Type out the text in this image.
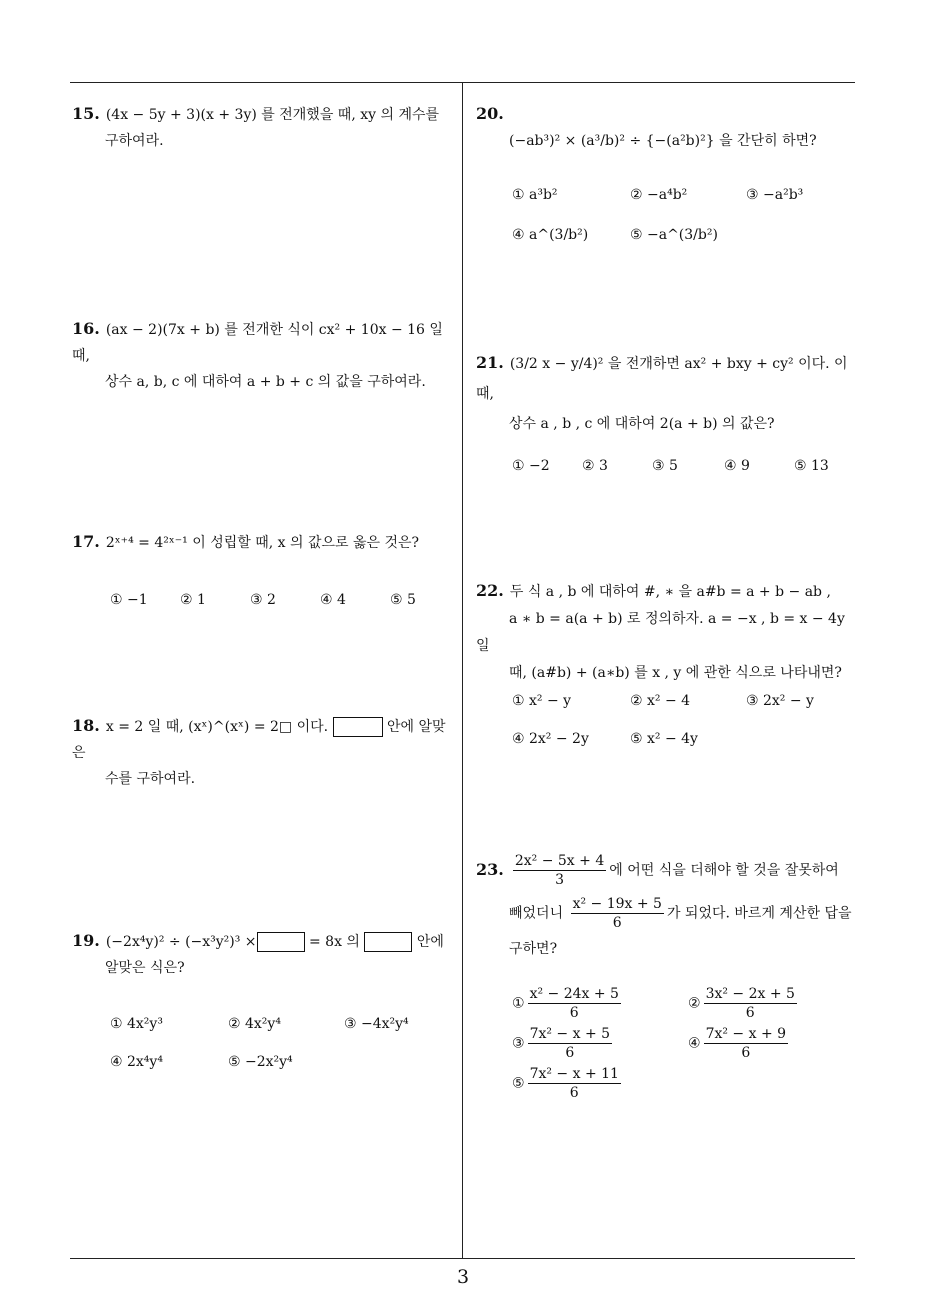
3
15. (4x − 5y + 3)(x + 3y) 를 전개했을 때, xy 의 계수를
구하여라.
16. (ax − 2)(7x + b) 를 전개한 식이 cx² + 10x − 16 일 때,
상수 a, b, c 에 대하여 a + b + c 의 값을 구하여라.
17. 2ˣ⁺⁴ = 4²ˣ⁻¹ 이 성립할 때, x 의 값으로 옳은 것은?
① −1 ② 1	③ 2	④ 4	⑤ 5
18. x = 2 일 때, (xˣ)^(xˣ) = 2□ 이다.	안에 알맞은
수를 구하여라.
19. (−2x⁴y)² ÷ (−x³y²)³ ×	= 8x 의	안에
알맞은 식은?
① 4x²y³	② 4x²y⁴	③ −4x²y⁴
④ 2x⁴y⁴	⑤ −2x²y⁴
20.
(−ab³)² × (a³/b)² ÷ {−(a²b)²} 을 간단히 하면?
① a³b²	② −a⁴b²	③ −a²b³
④ a^(3/b²)	⑤ −a^(3/b²)
21. (3/2 x − y/4)² 을 전개하면 ax² + bxy + cy² 이다. 이때,
상수 a , b , c 에 대하여 2(a + b) 의 값은?
① −2 ② 3	③ 5	④ 9	⑤ 13
22. 두 식 a , b 에 대하여 #, ∗ 을 a#b = a + b − ab ,
a ∗ b = a(a + b) 로 정의하자. a = −x , b = x − 4y 일
때, (a#b) + (a∗b) 를 x , y 에 관한 식으로 나타내면?
① x² − y	② x² − 4	③ 2x² − y
④ 2x² − 2y	⑤ x² − 4y
23. $\frac{\text{2x² − 5x + 4}}{3}$ 에 어떤 식을 더해야 할 것을 잘못하여

빼었더니 $\frac{\text{x² − 19x + 5}}{6}$ 가 되었다. 바르게 계산한 답을
구하면?
① $\frac{\text{x² − 24x + 5}}{6}$	② $\frac{\text{3x² − 2x + 5}}{6}$
③ $\frac{\text{7x² − x + 5}}{6}$	④ $\frac{\text{7x² − x + 9}}{6}$
⑤ $\frac{\text{7x² − x + 11}}{6}$
